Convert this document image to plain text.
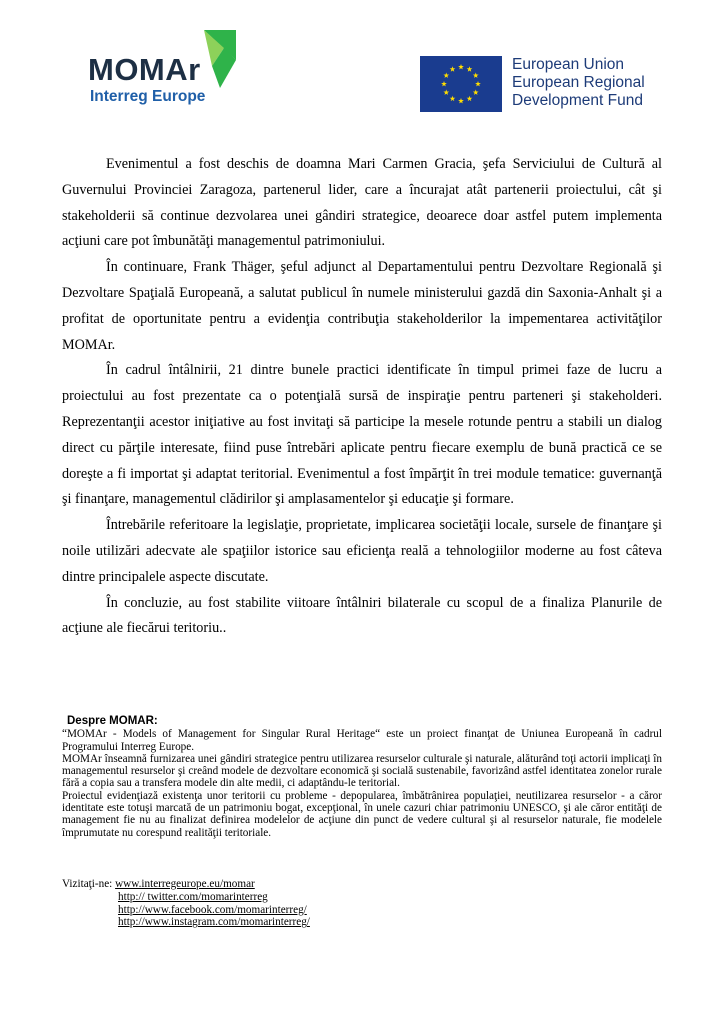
MOMAr
Interreg Europe
European Union
European Regional
Development Fund

Evenimentul a fost deschis de doamna Mari Carmen Gracia, şefa Serviciului de Cultură al Guvernului Provinciei Zaragoza, partenerul lider, care a încurajat atât partenerii proiectului, cât şi stakeholderii să continue dezvolarea unei gândiri strategice, deoarece doar astfel putem implementa acţiuni care pot îmbunătăţi managementul patrimoniului.

În continuare, Frank Thäger, şeful adjunct al Departamentului pentru Dezvoltare Regională şi Dezvoltare Spaţială Europeană, a salutat publicul în numele ministerului gazdă din Saxonia-Anhalt şi a profitat de oportunitate pentru a evidenţia contribuţia stakeholderilor la impementarea activităţilor MOMAr.

În cadrul întâlnirii, 21 dintre bunele practici identificate în timpul primei faze de lucru a proiectului au fost prezentate ca o potenţială sursă de inspiraţie pentru parteneri şi stakeholderi. Reprezentanţii acestor iniţiative au fost invitaţi să participe la mesele rotunde pentru a stabili un dialog direct cu părţile interesate, fiind puse întrebări aplicate pentru fiecare exemplu de bună practică ce se doreşte a fi importat şi adaptat teritorial. Evenimentul a fost împărţit în trei module tematice: guvernanţă şi finanţare, managementul clădirilor şi amplasamentelor şi educaţie şi formare.

Întrebările referitoare la legislaţie, proprietate, implicarea societăţii locale, sursele de finanţare şi noile utilizări adecvate ale spaţiilor istorice sau eficienţa reală a tehnologiilor moderne au fost câteva dintre principalele aspecte discutate.

În concluzie, au fost stabilite viitoare întâlniri bilaterale cu scopul de a finaliza Planurile de acţiune ale fiecărui teritoriu..

Despre MOMAR:

“MOMAr - Models of Management for Singular Rural Heritage“ este un proiect finanţat de Uniunea Europeană în cadrul Programului Interreg Europe.

MOMAr înseamnă furnizarea unei gândiri strategice pentru utilizarea resurselor culturale şi naturale, alăturând toţi actorii implicaţi în managementul resurselor şi creând modele de dezvoltare economică şi socială sustenabile, favorizând astfel identitatea zonelor rurale fără a copia sau a transfera modele din alte medii, ci adaptându-le teritorial.

Proiectul evidenţiază existenţa unor teritorii cu probleme - depopularea, îmbătrânirea populaţiei, neutilizarea resurselor - a căror identitate este totuşi marcată de un patrimoniu bogat, excepţional, în unele cazuri chiar patrimoniu UNESCO, şi ale căror entităţi de management fie nu au finalizat definirea modelelor de acţiune din punct de vedere cultural şi al resurselor naturale, fie modelele împrumutate nu corespund realităţii teritoriale.

Vizitaţi-ne: www.interregeurope.eu/momar
http:// twitter.com/momarinterreg
http://www.facebook.com/momarinterreg/
http://www.instagram.com/momarinterreg/
